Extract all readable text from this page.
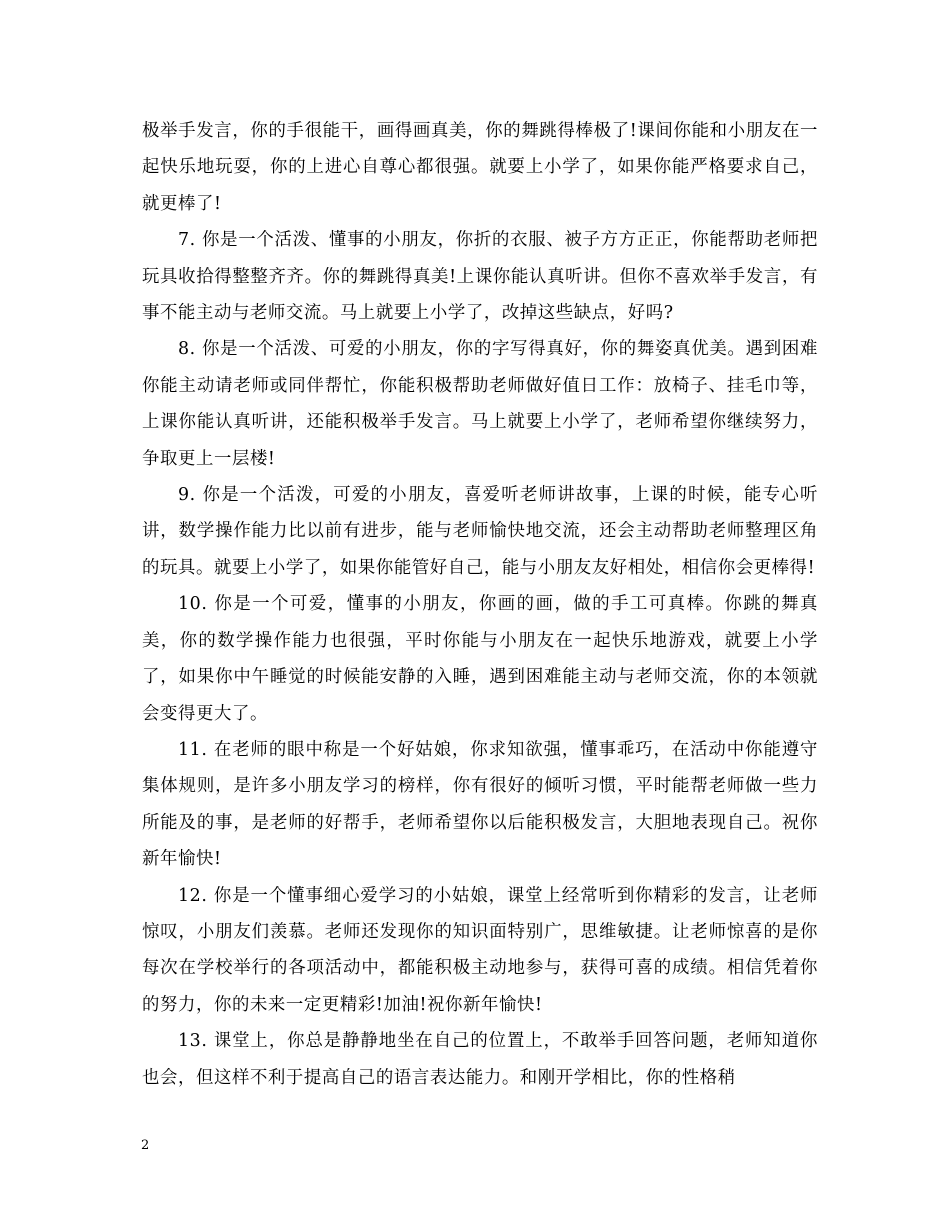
极举手发言，你的手很能干，画得画真美，你的舞跳得棒极了!课间你能和小朋友在一起快乐地玩耍，你的上进心自尊心都很强。就要上小学了，如果你能严格要求自己，就更棒了!

7. 你是一个活泼、懂事的小朋友，你折的衣服、被子方方正正，你能帮助老师把玩具收拾得整整齐齐。你的舞跳得真美!上课你能认真听讲。但你不喜欢举手发言，有事不能主动与老师交流。马上就要上小学了，改掉这些缺点，好吗?

8. 你是一个活泼、可爱的小朋友，你的字写得真好，你的舞姿真优美。遇到困难你能主动请老师或同伴帮忙，你能积极帮助老师做好值日工作：放椅子、挂毛巾等，上课你能认真听讲，还能积极举手发言。马上就要上小学了，老师希望你继续努力，争取更上一层楼!

9. 你是一个活泼，可爱的小朋友，喜爱听老师讲故事，上课的时候，能专心听讲，数学操作能力比以前有进步，能与老师愉快地交流，还会主动帮助老师整理区角的玩具。就要上小学了，如果你能管好自己，能与小朋友友好相处，相信你会更棒得!

10. 你是一个可爱，懂事的小朋友，你画的画，做的手工可真棒。你跳的舞真美，你的数学操作能力也很强，平时你能与小朋友在一起快乐地游戏，就要上小学了，如果你中午睡觉的时候能安静的入睡，遇到困难能主动与老师交流，你的本领就会变得更大了。

11. 在老师的眼中称是一个好姑娘，你求知欲强，懂事乖巧，在活动中你能遵守集体规则，是许多小朋友学习的榜样，你有很好的倾听习惯，平时能帮老师做一些力所能及的事，是老师的好帮手，老师希望你以后能积极发言，大胆地表现自己。祝你新年愉快!

12. 你是一个懂事细心爱学习的小姑娘，课堂上经常听到你精彩的发言，让老师惊叹，小朋友们羡慕。老师还发现你的知识面特别广，思维敏捷。让老师惊喜的是你每次在学校举行的各项活动中，都能积极主动地参与，获得可喜的成绩。相信凭着你的努力，你的未来一定更精彩!加油!祝你新年愉快!

13. 课堂上，你总是静静地坐在自己的位置上，不敢举手回答问题，老师知道你也会，但这样不利于提高自己的语言表达能力。和刚开学相比，你的性格稍

2
